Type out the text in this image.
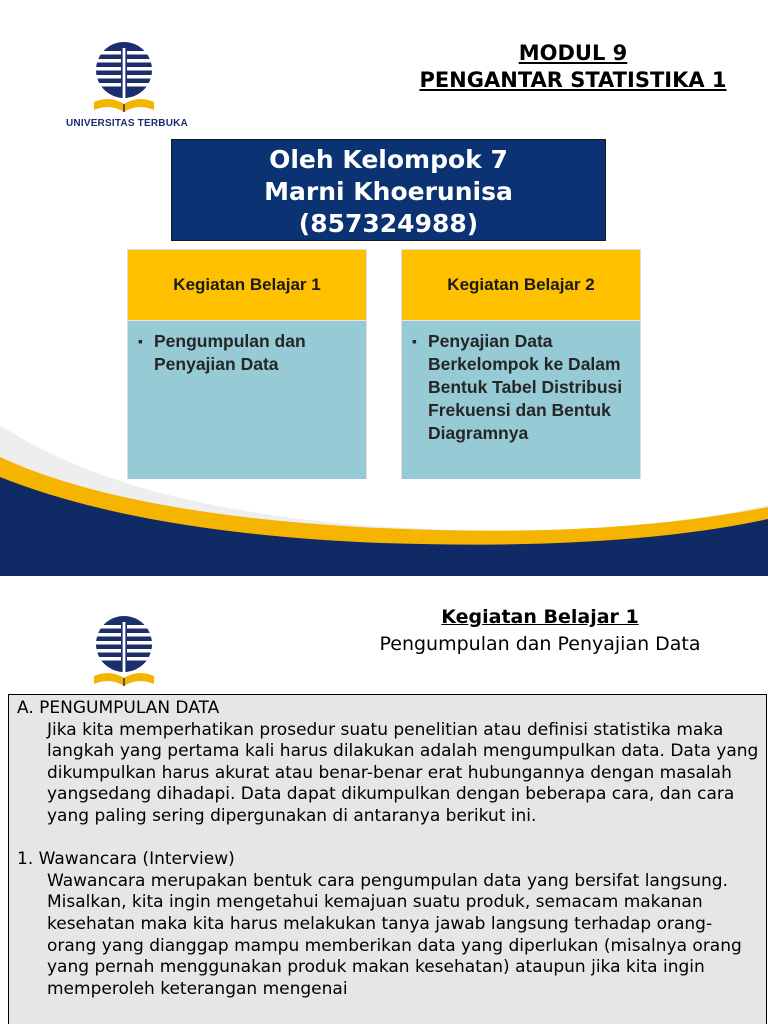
UNIVERSITAS TERBUKA
MODUL 9
PENGANTAR STATISTIKA 1
Oleh Kelompok 7
Marni Khoerunisa
(857324988)
Kegiatan Belajar 1
▪ Pengumpulan dan Penyajian Data
Kegiatan Belajar 2
▪ Penyajian Data Berkelompok ke Dalam Bentuk Tabel Distribusi Frekuensi dan Bentuk Diagramnya
Kegiatan Belajar 1
Pengumpulan dan Penyajian Data

A. PENGUMPULAN DATA

Jika kita memperhatikan prosedur suatu penelitian atau definisi statistika maka langkah yang pertama kali harus dilakukan adalah mengumpulkan data. Data yang dikumpulkan harus akurat atau benar-benar erat hubungannya dengan masalah yangsedang dihadapi. Data dapat dikumpulkan dengan beberapa cara, dan cara yang paling sering dipergunakan di antaranya berikut ini.

1. Wawancara (Interview)

Wawancara merupakan bentuk cara pengumpulan data yang bersifat langsung. Misalkan, kita ingin mengetahui kemajuan suatu produk, semacam makanan kesehatan maka kita harus melakukan tanya jawab langsung terhadap orang-orang yang dianggap mampu memberikan data yang diperlukan (misalnya orang yang pernah menggunakan produk makan kesehatan) ataupun jika kita ingin memperoleh keterangan mengenai
